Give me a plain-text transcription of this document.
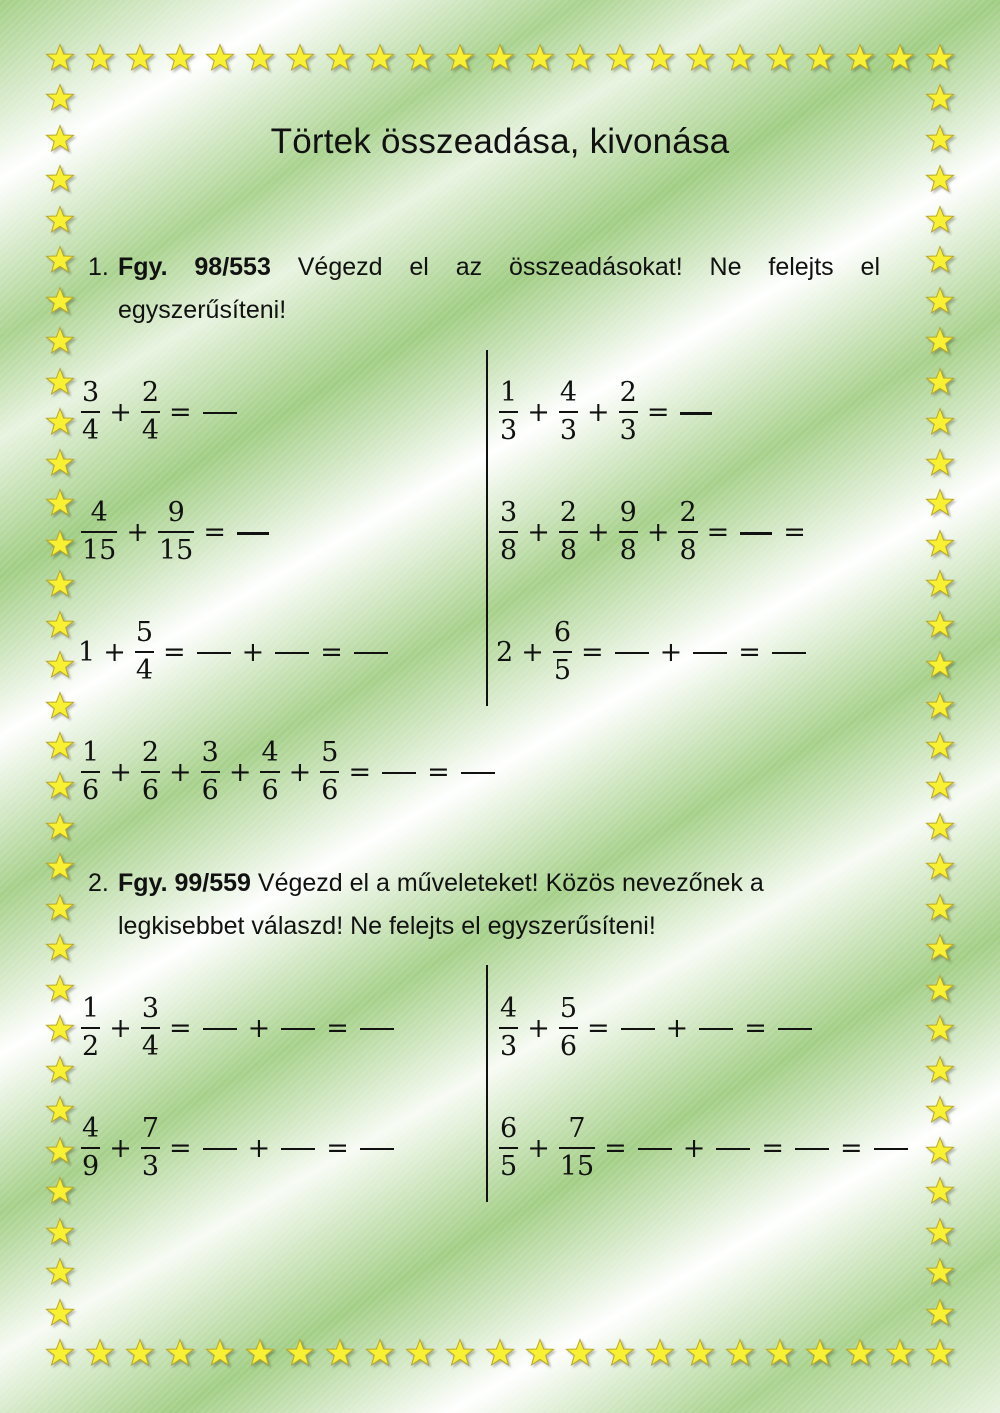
Törtek összeadása, kivonása
1. Fgy. 98/553 Végezd el az összeadásokat! Ne felejts el egyszerűsíteni!
$\frac{3}{4} + \frac{2}{4}$ =	$\frac{1}{3} + \frac{4}{3} + \frac{2}{3}$ =
$\frac{4}{15} + \frac{9}{15}$ =	$\frac{3}{8} + \frac{2}{8} + \frac{9}{8} + \frac{2}{8}$ = =
$1 + \frac{5}{4}$ = + =	$2 + \frac{6}{5}$ = + =
$\frac{1}{6} + \frac{2}{6} + \frac{3}{6} + \frac{4}{6} + \frac{5}{6}$ = =
2. Fgy. 99/559 Végezd el a műveleteket! Közös nevezőnek a legkisebbet válaszd! Ne felejts el egyszerűsíteni!
$\frac{1}{2} + \frac{3}{4}$ = + =	$\frac{4}{3} + \frac{5}{6}$ = + =
$\frac{4}{9} + \frac{7}{3}$ = + =	$\frac{6}{5} + \frac{7}{15}$ = + = =
